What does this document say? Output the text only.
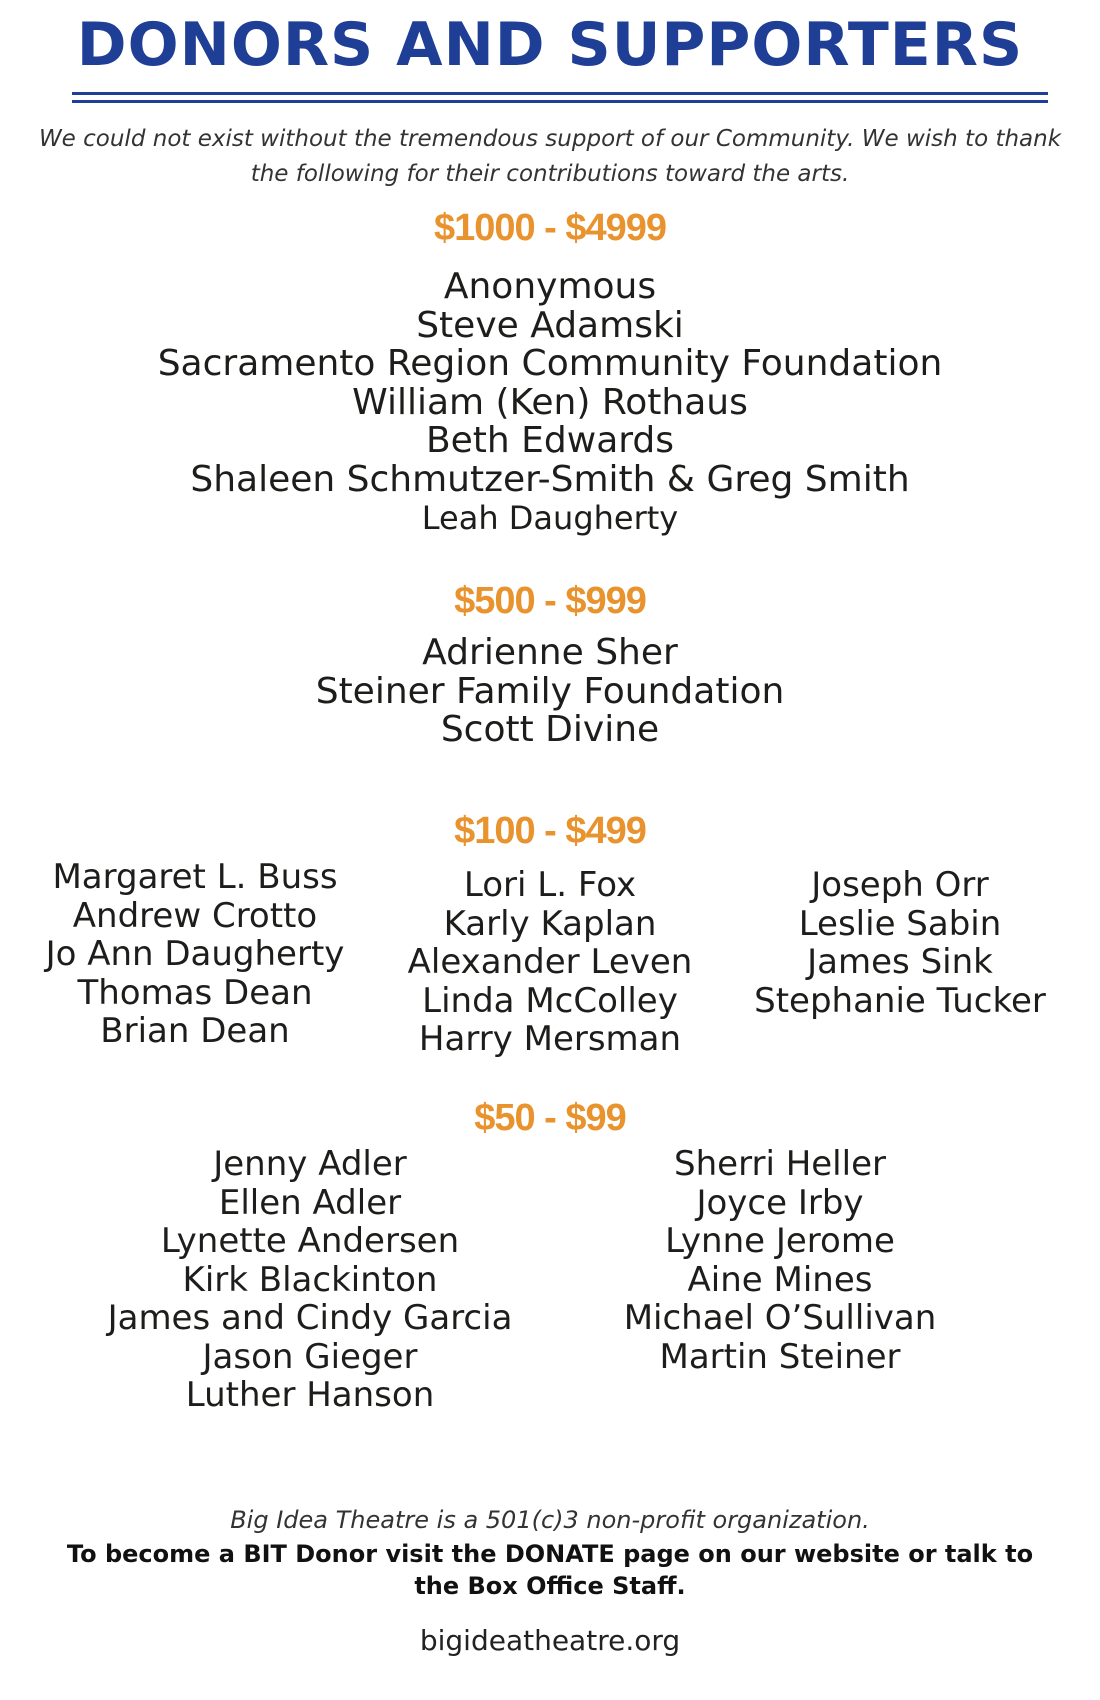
DONORS AND SUPPORTERS
We could not exist without the tremendous support of our Community. We wish to thank the following for their contributions toward the arts.
$1000 - $4999
Anonymous
Steve Adamski
Sacramento Region Community Foundation
William (Ken) Rothaus
Beth Edwards
Shaleen Schmutzer-Smith & Greg Smith
Leah Daugherty
$500 - $999
Adrienne Sher
Steiner Family Foundation
Scott Divine
$100 - $499
Margaret L. Buss
Andrew Crotto
Jo Ann Daugherty
Thomas Dean
Brian Dean
Lori L. Fox
Karly Kaplan
Alexander Leven
Linda McColley
Harry Mersman
Joseph Orr
Leslie Sabin
James Sink
Stephanie Tucker
$50 - $99
Jenny Adler
Ellen Adler
Lynette Andersen
Kirk Blackinton
James and Cindy Garcia
Jason Gieger
Luther Hanson
Sherri Heller
Joyce Irby
Lynne Jerome
Aine Mines
Michael O’Sullivan
Martin Steiner
Big Idea Theatre is a 501(c)3 non-profit organization.
To become a BIT Donor visit the DONATE page on our website or talk to the Box Office Staff.
bigideatheatre.org
